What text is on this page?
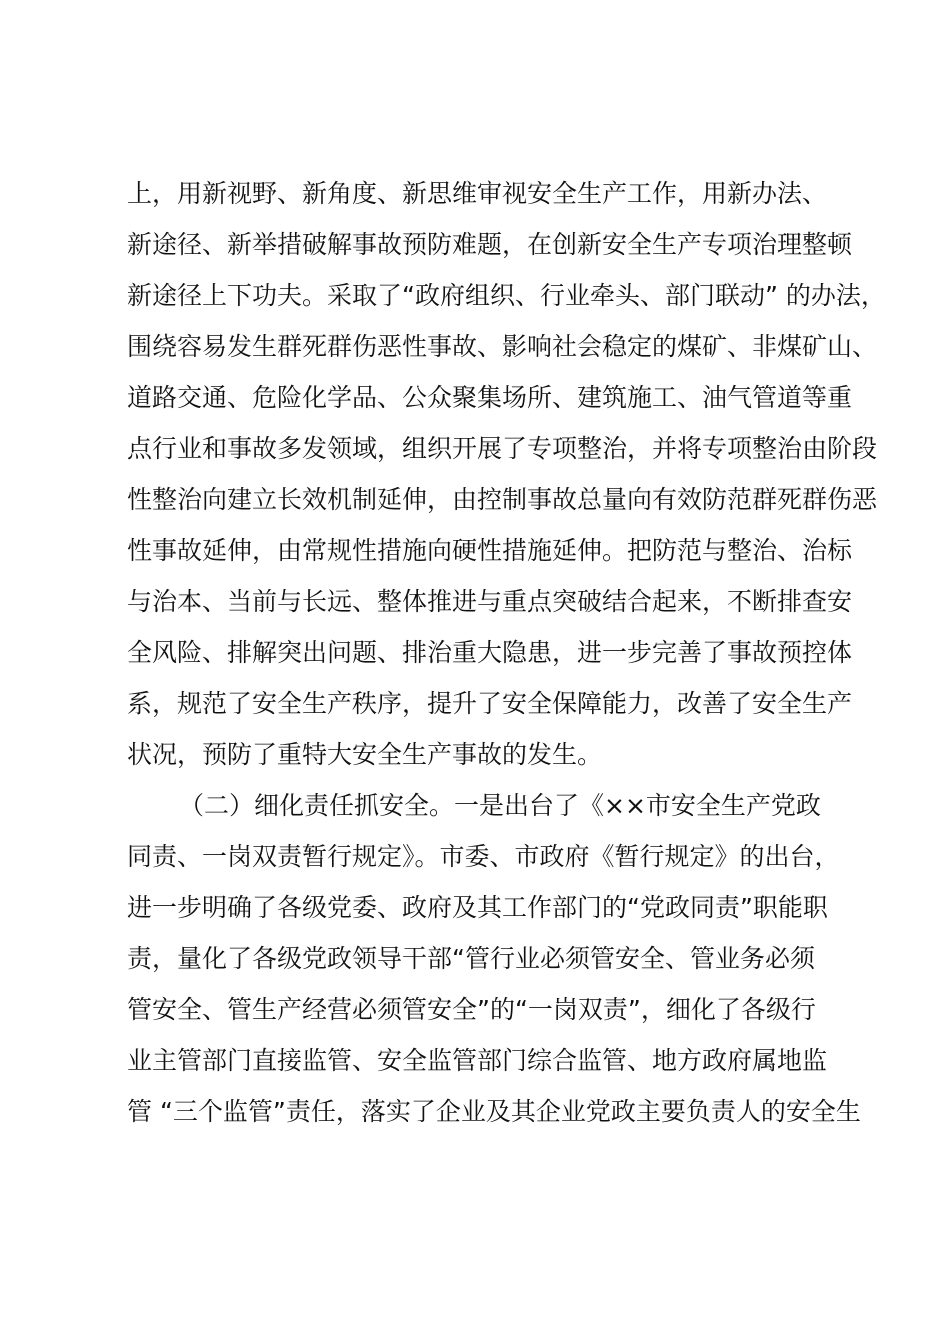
上，用新视野、新角度、新思维审视安全生产工作，用新办法、
新途径、新举措破解事故预防难题，在创新安全生产专项治理整顿
新途径上下功夫。采取了“政府组织、行业牵头、部门联动” 的办法，
围绕容易发生群死群伤恶性事故、影响社会稳定的煤矿、非煤矿山、
道路交通、危险化学品、公众聚集场所、建筑施工、油气管道等重
点行业和事故多发领域，组织开展了专项整治，并将专项整治由阶段
性整治向建立长效机制延伸，由控制事故总量向有效防范群死群伤恶
性事故延伸，由常规性措施向硬性措施延伸。把防范与整治、治标
与治本、当前与长远、整体推进与重点突破结合起来，不断排查安
全风险、排解突出问题、排治重大隐患，进一步完善了事故预控体
系，规范了安全生产秩序，提升了安全保障能力，改善了安全生产
状况，预防了重特大安全生产事故的发生。
（二）细化责任抓安全。一是出台了《××市安全生产党政
同责、一岗双责暂行规定》。市委、市政府《暂行规定》的出台，
进一步明确了各级党委、政府及其工作部门的“党政同责”职能职
责，量化了各级党政领导干部“管行业必须管安全、管业务必须
管安全、管生产经营必须管安全”的“一岗双责”，细化了各级行
业主管部门直接监管、安全监管部门综合监管、地方政府属地监
管 “三个监管”责任，落实了企业及其企业党政主要负责人的安全生
